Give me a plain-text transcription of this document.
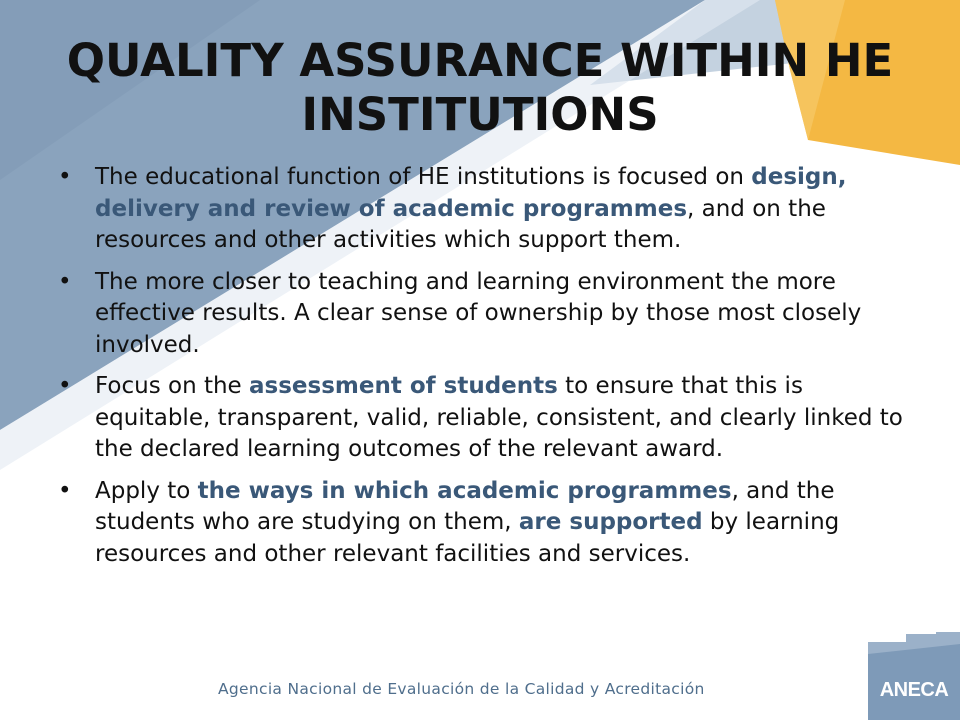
QUALITY ASSURANCE WITHIN HE INSTITUTIONS
• The educational function of HE institutions is focused on design, delivery and review of academic programmes, and on the resources and other activities which support them.
• The more closer to teaching and learning environment the more effective results. A clear sense of ownership by those most closely involved.
• Focus on the assessment of students to ensure that this is equitable, transparent, valid, reliable, consistent, and clearly linked to the declared learning outcomes of the relevant award.
• Apply to the ways in which academic programmes, and the students who are studying on them, are supported by learning resources and other relevant facilities and services.

Agencia Nacional de Evaluación de la Calidad y Acreditación	ANECA
